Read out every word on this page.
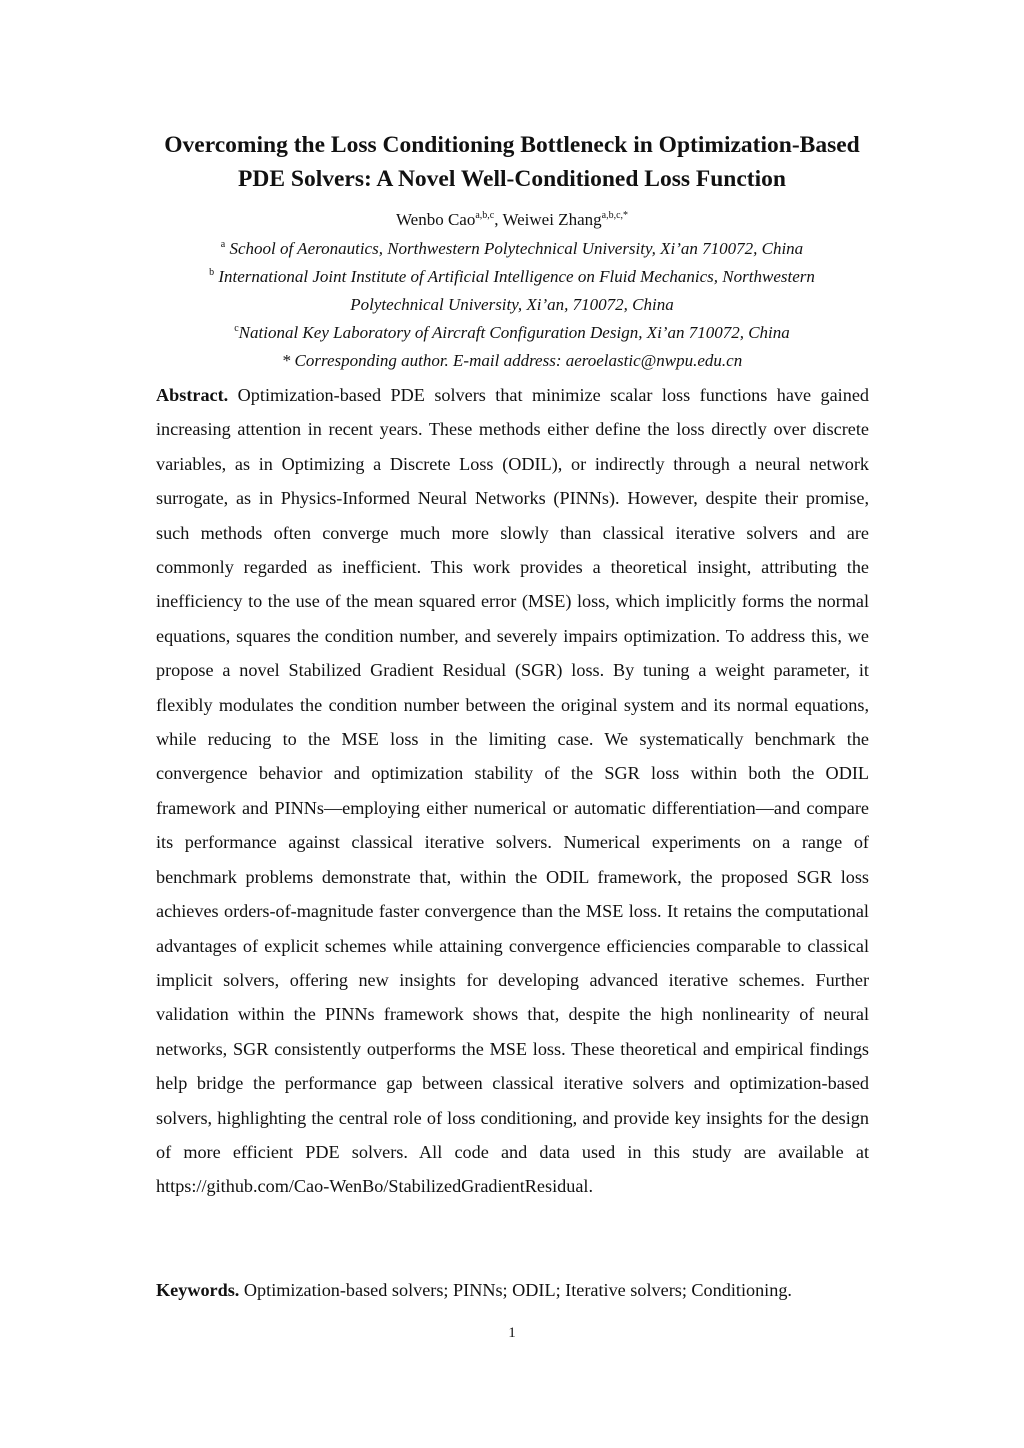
Overcoming the Loss Conditioning Bottleneck in Optimization-Based
PDE Solvers: A Novel Well-Conditioned Loss Function
Wenbo Cao$^{a,b,c}$, Weiwei Zhang$^{a,b,c,*}$
$^a$ School of Aeronautics, Northwestern Polytechnical University, Xi’an 710072, China
$^b$ International Joint Institute of Artificial Intelligence on Fluid Mechanics, Northwestern
Polytechnical University, Xi’an, 710072, China
$^c$National Key Laboratory of Aircraft Configuration Design, Xi’an 710072, China
* Corresponding author. E-mail address: aeroelastic@nwpu.edu.cn
Abstract. Optimization-based PDE solvers that minimize scalar loss functions have gained increasing attention in recent years. These methods either define the loss directly over discrete variables, as in Optimizing a Discrete Loss (ODIL), or indirectly through a neural network surrogate, as in Physics-Informed Neural Networks (PINNs). However, despite their promise, such methods often converge much more slowly than classical iterative solvers and are commonly regarded as inefficient. This work provides a theoretical insight, attributing the inefficiency to the use of the mean squared error (MSE) loss, which implicitly forms the normal equations, squares the condition number, and severely impairs optimization. To address this, we propose a novel Stabilized Gradient Residual (SGR) loss. By tuning a weight parameter, it flexibly modulates the condition number between the original system and its normal equations, while reducing to the MSE loss in the limiting case. We systematically benchmark the convergence behavior and optimization stability of the SGR loss within both the ODIL framework and PINNs—employing either numerical or automatic differentiation—and compare its performance against classical iterative solvers. Numerical experiments on a range of benchmark problems demonstrate that, within the ODIL framework, the proposed SGR loss achieves orders-of-magnitude faster convergence than the MSE loss. It retains the computational advantages of explicit schemes while attaining convergence efficiencies comparable to classical implicit solvers, offering new insights for developing advanced iterative schemes. Further validation within the PINNs framework shows that, despite the high nonlinearity of neural networks, SGR consistently outperforms the MSE loss. These theoretical and empirical findings help bridge the performance gap between classical iterative solvers and optimization-based solvers, highlighting the central role of loss conditioning, and provide key insights for the design of more efficient PDE solvers. All code and data used in this study are available at https://github.com/Cao-WenBo/StabilizedGradientResidual.
Keywords. Optimization-based solvers; PINNs; ODIL; Iterative solvers; Conditioning.
1
